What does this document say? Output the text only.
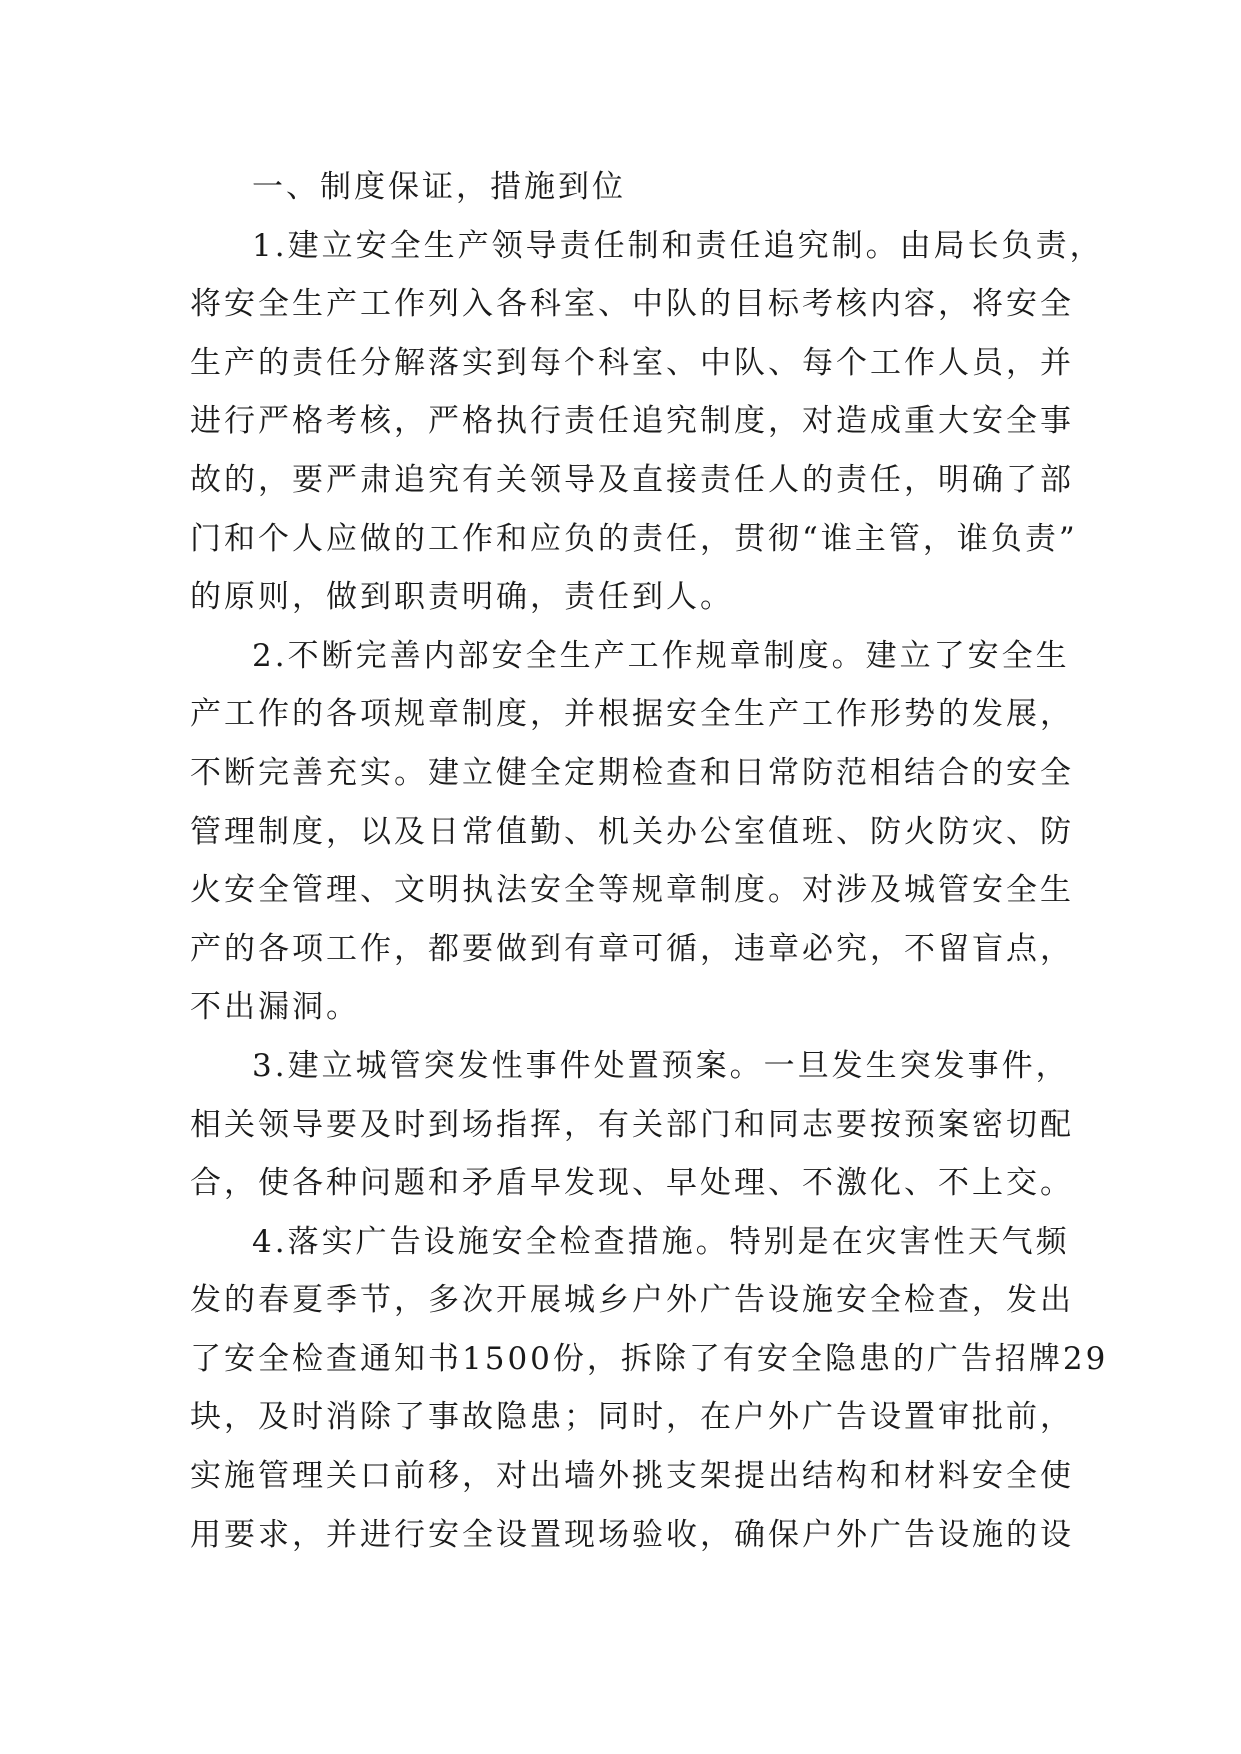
一、制度保证，措施到位
1.建立安全生产领导责任制和责任追究制。由局长负责，
将安全生产工作列入各科室、中队的目标考核内容，将安全
生产的责任分解落实到每个科室、中队、每个工作人员，并
进行严格考核，严格执行责任追究制度，对造成重大安全事
故的，要严肃追究有关领导及直接责任人的责任，明确了部
门和个人应做的工作和应负的责任，贯彻“谁主管，谁负责”
的原则，做到职责明确，责任到人。
2.不断完善内部安全生产工作规章制度。建立了安全生
产工作的各项规章制度，并根据安全生产工作形势的发展，
不断完善充实。建立健全定期检查和日常防范相结合的安全
管理制度，以及日常值勤、机关办公室值班、防火防灾、防
火安全管理、文明执法安全等规章制度。对涉及城管安全生
产的各项工作，都要做到有章可循，违章必究，不留盲点，
不出漏洞。
3.建立城管突发性事件处置预案。一旦发生突发事件，
相关领导要及时到场指挥，有关部门和同志要按预案密切配
合，使各种问题和矛盾早发现、早处理、不激化、不上交。
4.落实广告设施安全检查措施。特别是在灾害性天气频
发的春夏季节，多次开展城乡户外广告设施安全检查，发出
了安全检查通知书1500份，拆除了有安全隐患的广告招牌29
块，及时消除了事故隐患；同时，在户外广告设置审批前，
实施管理关口前移，对出墙外挑支架提出结构和材料安全使
用要求，并进行安全设置现场验收，确保户外广告设施的设
